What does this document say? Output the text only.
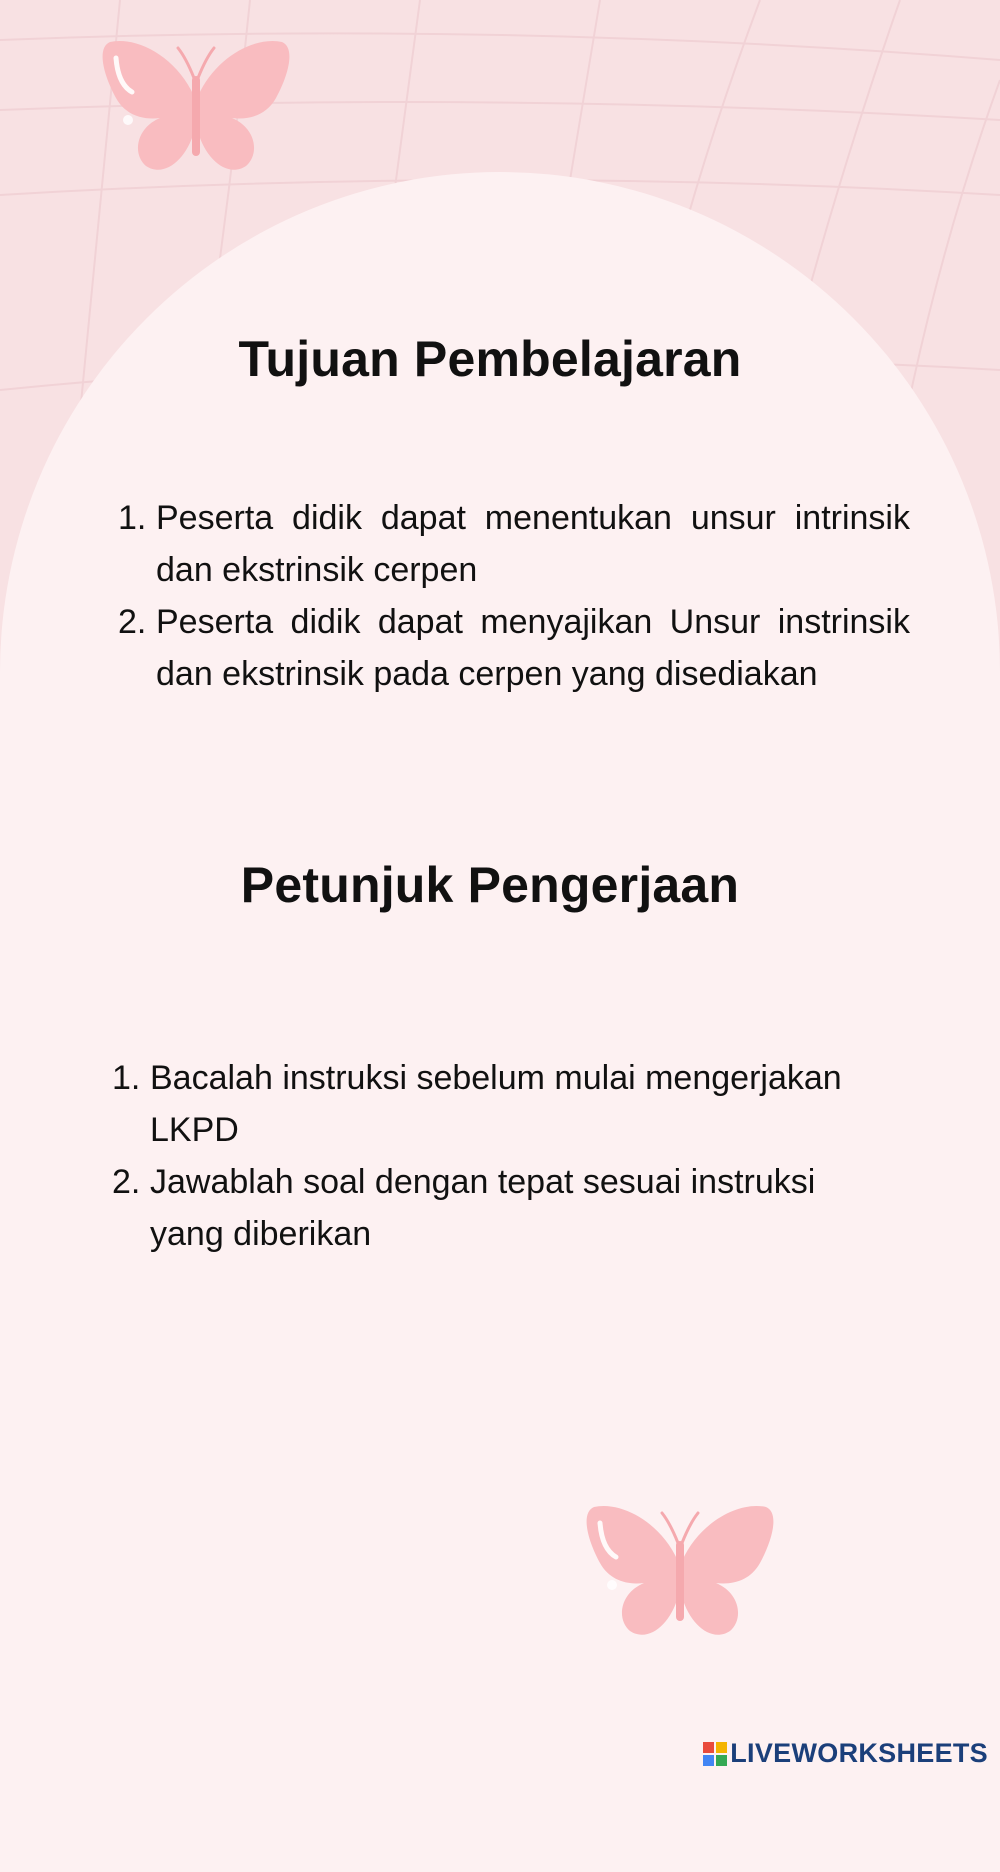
Tujuan Pembelajaran
1. Peserta didik dapat menentukan unsur intrinsik dan ekstrinsik cerpen
2. Peserta didik dapat menyajikan Unsur instrinsik dan ekstrinsik pada cerpen yang disediakan
Petunjuk Pengerjaan
1. Bacalah instruksi sebelum mulai mengerjakan LKPD
2. Jawablah soal dengan tepat sesuai instruksi yang diberikan
LIVEWORKSHEETS
